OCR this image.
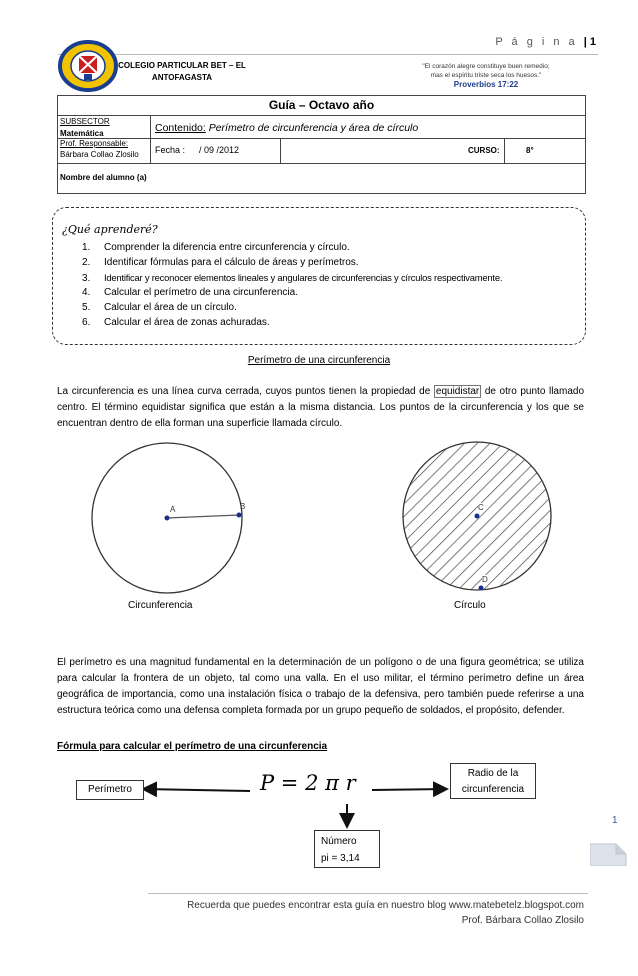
P á g i n a | 1
COLEGIO PARTICULAR BET – EL
ANTOFAGASTA
"El corazón alegre constituye buen remedio;
mas el espíritu triste seca los huesos."
Proverbios 17:22
Guía – Octavo año
SUBSECTOR
Matemática	Contenido: Perímetro de circunferencia y área de círculo
Prof. Responsable:
Bárbara Collao Zlosilo Fecha : / 09 /2012	CURSO:	8°
Nombre del alumno (a)
¿Qué aprenderé?
1. Comprender la diferencia entre circunferencia y círculo.
2. Identificar fórmulas para el cálculo de áreas y perímetros.
3. Identificar y reconocer elementos lineales y angulares de circunferencias y círculos respectivamente.
4. Calcular el perímetro de una circunferencia.
5. Calcular el área de un círculo.
6. Calcular el área de zonas achuradas.
Perímetro de una circunferencia
La circunferencia es una línea curva cerrada, cuyos puntos tienen la propiedad de equidistar de otro punto llamado centro. El término equidistar significa que están a la misma distancia. Los puntos de la circunferencia y los que se encuentran dentro de ella forman una superficie llamada círculo.
A	B	C
D
Circunferencia	Círculo
El perímetro es una magnitud fundamental en la determinación de un polígono o de una figura geométrica; se utiliza para calcular la frontera de un objeto, tal como una valla. En el uso militar, el término perímetro define un área geográfica de importancia, como una instalación física o trabajo de la defensiva, pero también puede referirse a una estructura teórica como una defensa completa formada por un grupo pequeño de soldados, el propósito, defender.
Fórmula para calcular el perímetro de una circunferencia
Perímetro	P = 2 π r	Radio de la
circunferencia
Número
pi = 3,14
1
Recuerda que puedes encontrar esta guía en nuestro blog www.matebetelz.blogspot.com
Prof. Bárbara Collao Zlosilo
